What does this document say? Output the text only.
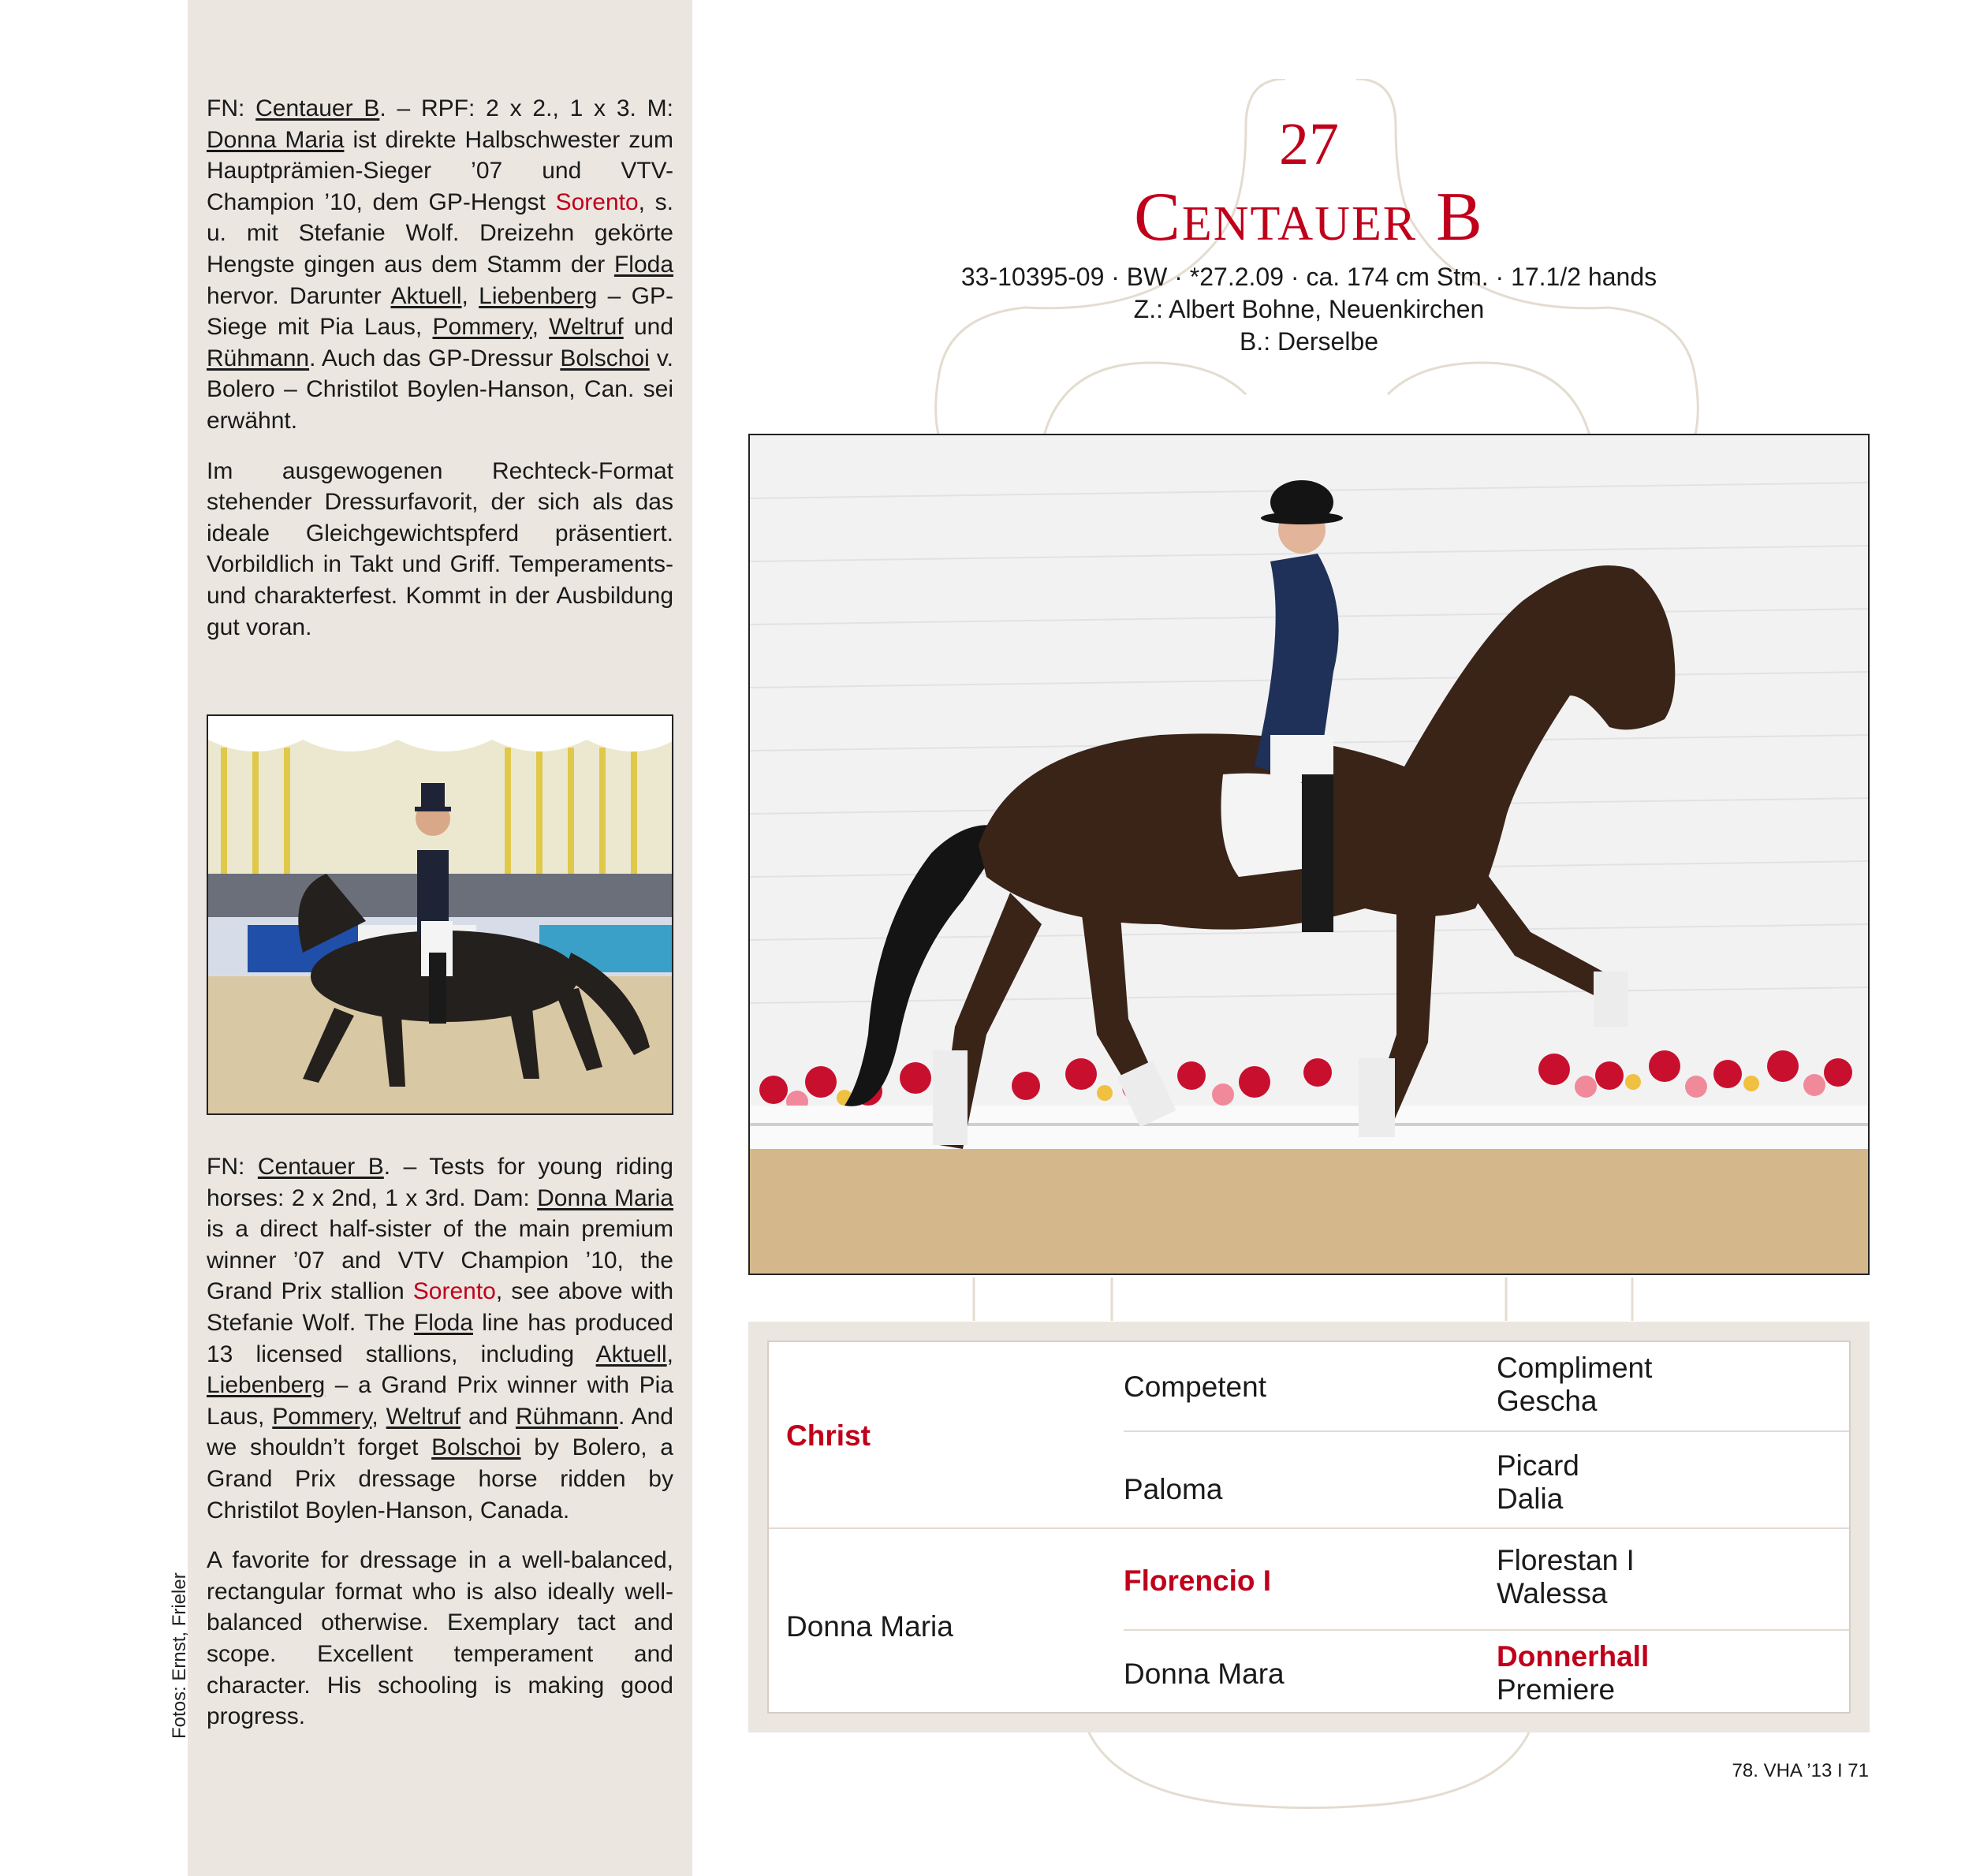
FN: Centauer B. – RPF: 2 x 2., 1 x 3. M: Donna Maria ist direkte Halbschwester zum Hauptprämien-Sieger ’07 und VTV-Champion ’10, dem GP-Hengst Sorento, s. u. mit Stefanie Wolf. Dreizehn gekörte Hengste gingen aus dem Stamm der Floda hervor. Darunter Aktuell, Liebenberg – GP-Siege mit Pia Laus, Pommery, Weltruf und Rühmann. Auch das GP-Dressur Bolschoi v. Bolero – Christilot Boylen-Hanson, Can. sei erwähnt.

Im ausgewogenen Rechteck-Format stehender Dressurfavorit, der sich als das ideale Gleichgewichtspferd präsentiert. Vorbildlich in Takt und Griff. Temperaments- und charakterfest. Kommt in der Ausbildung gut voran.

FN: Centauer B. – Tests for young riding horses: 2 x 2nd, 1 x 3rd. Dam: Donna Maria is a direct half-sister of the main premium winner ’07 and VTV Champion ’10, the Grand Prix stallion Sorento, see above with Stefanie Wolf. The Floda line has produced 13 licensed stallions, including Aktuell, Liebenberg – a Grand Prix winner with Pia Laus, Pommery, Weltruf and Rühmann. And we shouldn’t forget Bolschoi by Bolero, a Grand Prix dressage horse ridden by Christilot Boylen-Hanson, Canada.

A favorite for dressage in a well-balanced, rectangular format who is also ideally well-balanced otherwise. Exemplary tact and scope. Excellent temperament and character. His schooling is making good progress.

Fotos: Ernst, Frieler
27
Centauer B
33-10395-09 · BW · *27.2.09 · ca. 174 cm Stm. · 17.1/2 hands
Z.: Albert Bohne, Neuenkirchen
B.: Derselbe
Christ
Donna Maria
Competent
Paloma
Florencio I
Donna Mara
Compliment
Gescha
Picard
Dalia
Florestan I
Walessa
Donnerhall
Premiere
78. VHA ’13 I 71
